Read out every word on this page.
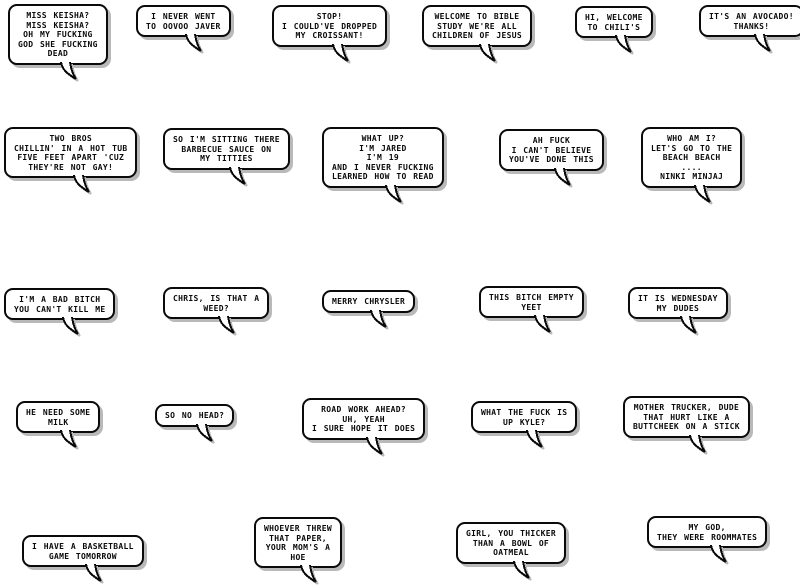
MISS KEISHA?
MISS KEISHA?
OH MY FUCKING
GOD SHE FUCKING
DEAD
I NEVER WENT
TO OOVOO JAVER
STOP!
I COULD'VE DROPPED
MY CROISSANT!
WELCOME TO BIBLE
STUDY WE'RE ALL
CHILDREN OF JESUS
HI, WELCOME
TO CHILI'S
IT'S AN AVOCADO!
THANKS!
TWO BROS
CHILLIN' IN A HOT TUB
FIVE FEET APART 'CUZ
THEY'RE NOT GAY!
SO I'M SITTING THERE
BARBECUE SAUCE ON
MY TITTIES
WHAT UP?
I'M JARED
I'M 19
AND I NEVER FUCKING
LEARNED HOW TO READ
AH FUCK
I CAN'T BELIEVE
YOU'VE DONE THIS
WHO AM I?
LET'S GO TO THE
BEACH BEACH
....
NINKI MINJAJ
I'M A BAD BITCH
YOU CAN'T KILL ME
CHRIS, IS THAT A
WEED?
MERRY CHRYSLER	THIS BITCH EMPTY
YEET
IT IS WEDNESDAY
MY DUDES
HE NEED SOME
MILK
SO NO HEAD?
ROAD WORK AHEAD?
UH, YEAH
I SURE HOPE IT DOES
WHAT THE FUCK IS
UP KYLE?
MOTHER TRUCKER, DUDE
THAT HURT LIKE A
BUTTCHEEK ON A STICK
I HAVE A BASKETBALL
GAME TOMORROW
WHOEVER THREW
THAT PAPER,
YOUR MOM'S A
HOE
GIRL, YOU THICKER
THAN A BOWL OF
OATMEAL
MY GOD,
THEY WERE ROOMMATES
